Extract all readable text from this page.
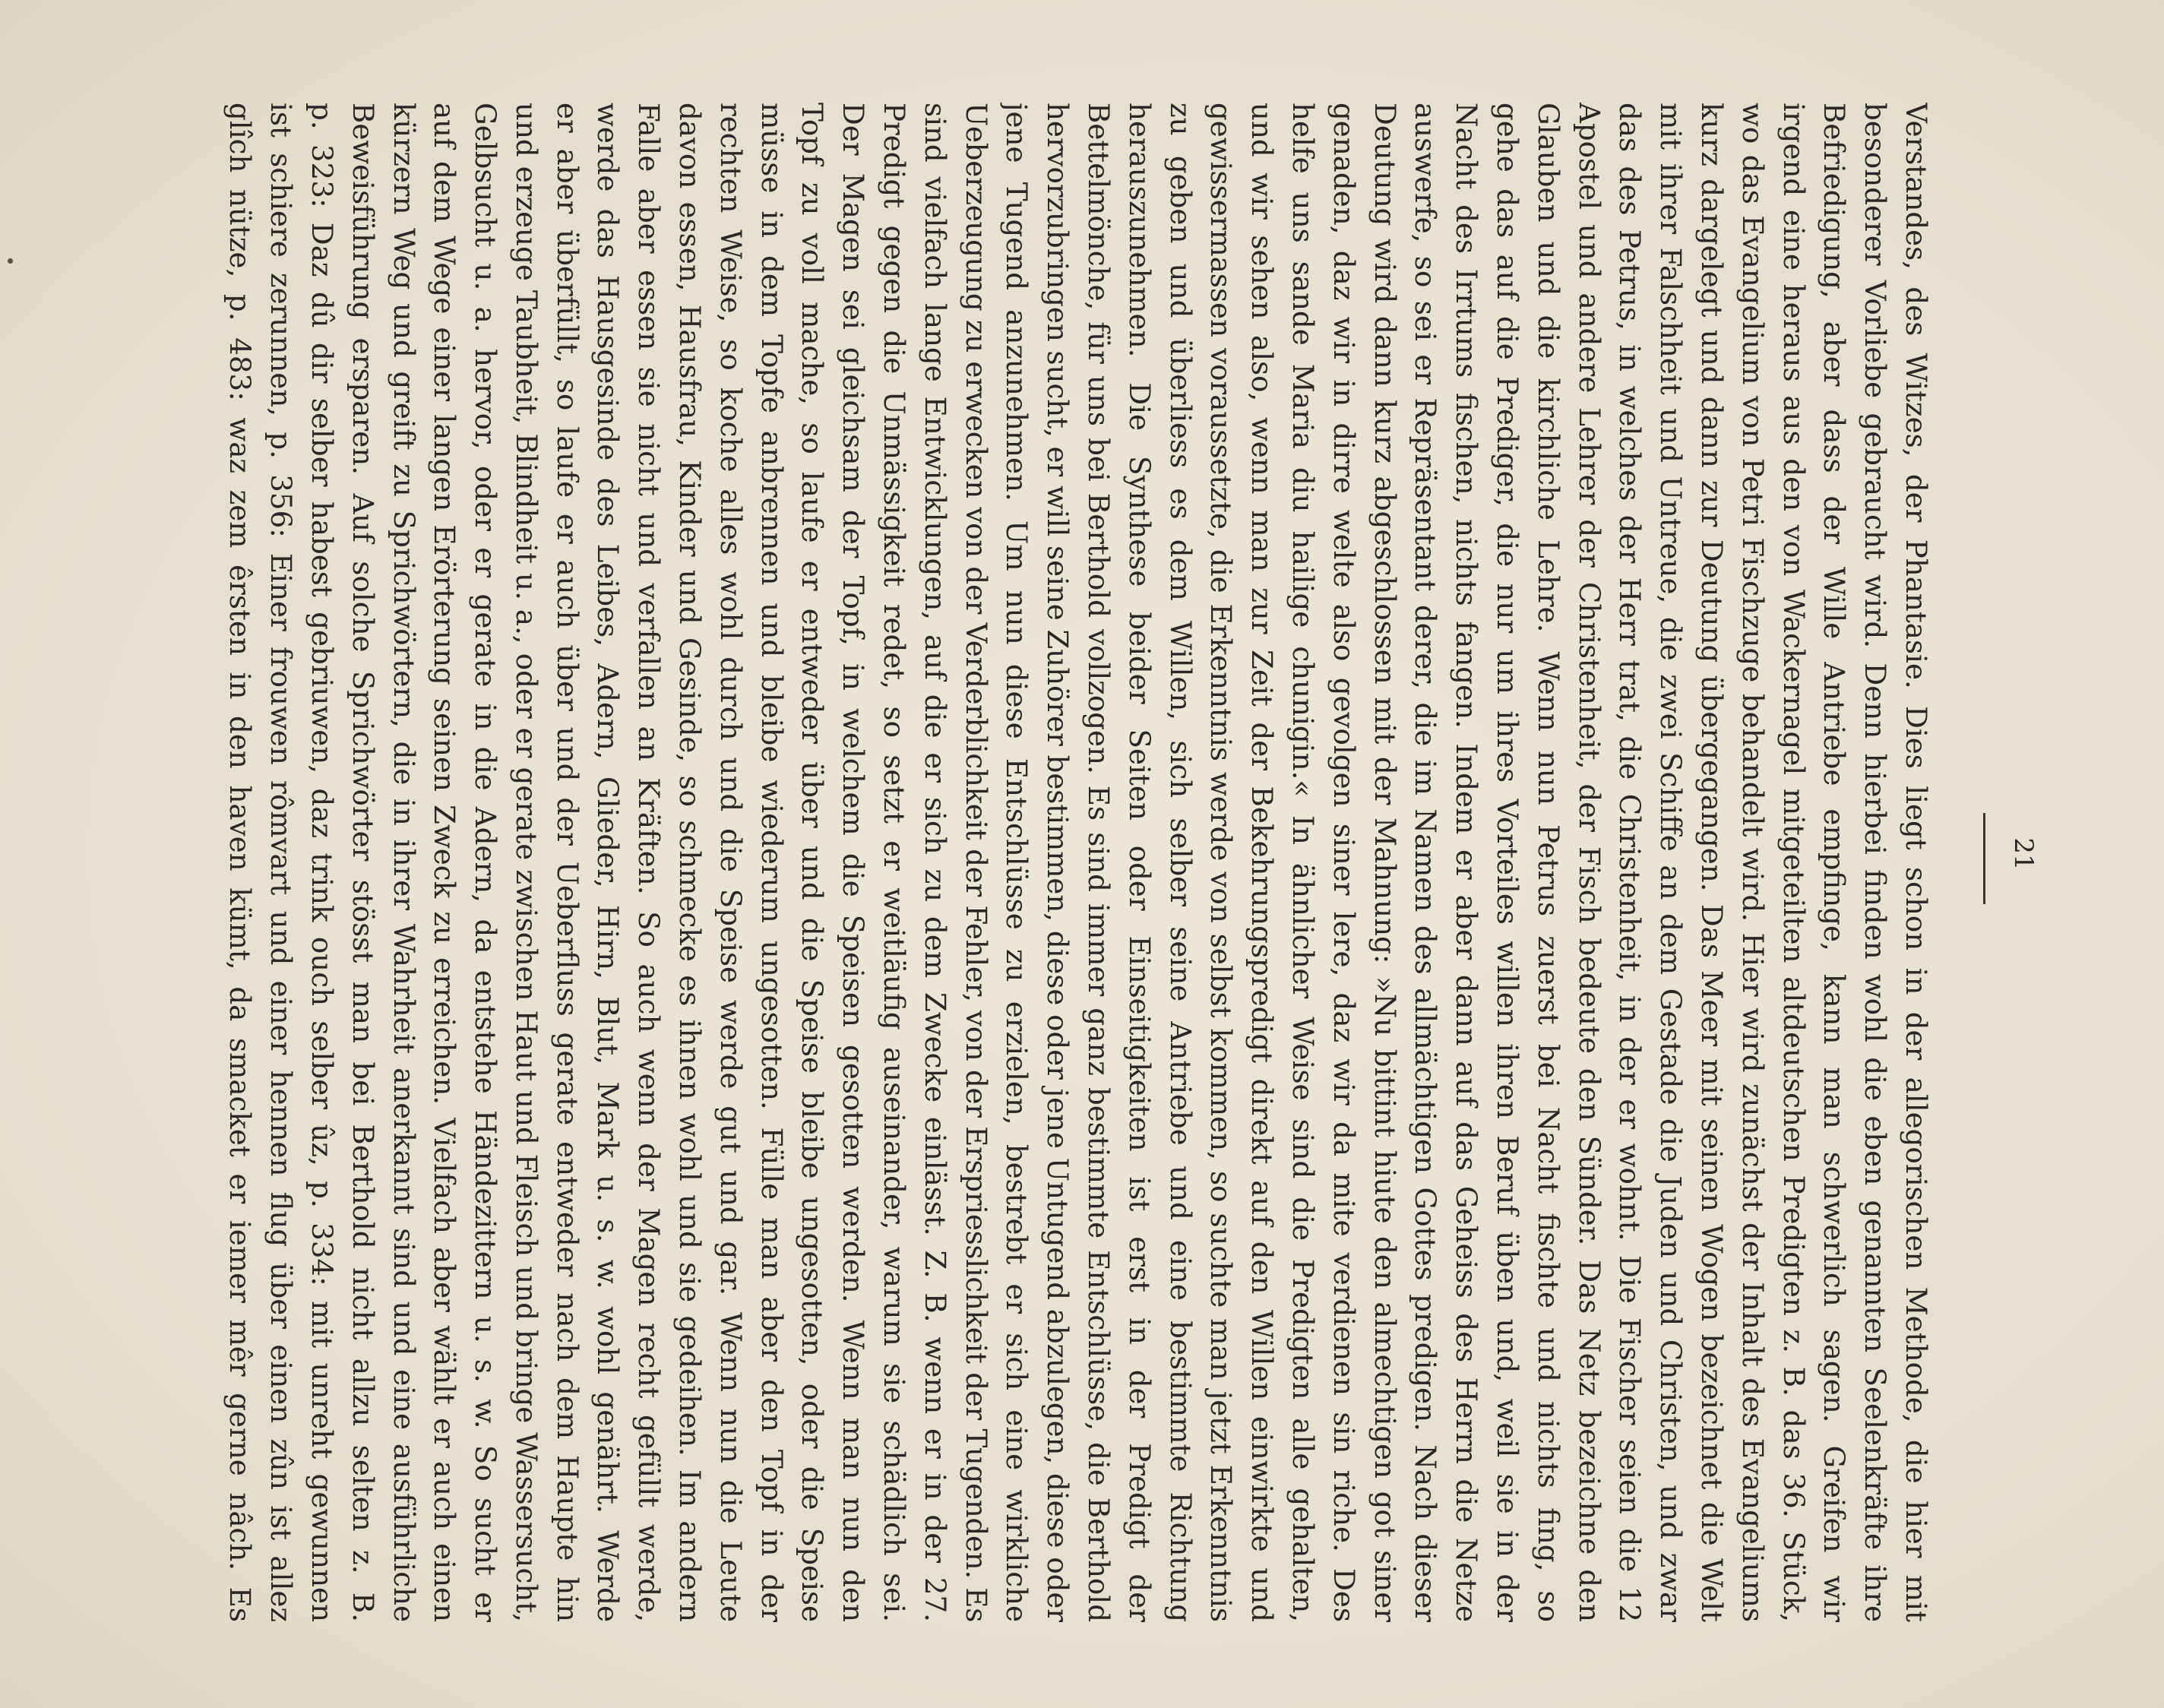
21
Verstandes, des Witzes, der Phantasie. Dies liegt schon in der allegorischen Methode, die hier mit
besonderer Vorliebe gebraucht wird. Denn hierbei finden wohl die eben genannten Seelenkräfte ihre
Befriedigung, aber dass der Wille Antriebe empfinge, kann man schwerlich sagen. Greifen wir
irgend eine heraus aus den von Wackernagel mitgeteilten altdeutschen Predigten z. B. das 36. Stück,
wo das Evangelium von Petri Fischzuge behandelt wird. Hier wird zunächst der Inhalt des Evangeliums
kurz dargelegt und dann zur Deutung übergegangen. Das Meer mit seinen Wogen bezeichnet die Welt
mit ihrer Falschheit und Untreue, die zwei Schiffe an dem Gestade die Juden und Christen, und zwar
das des Petrus, in welches der Herr trat, die Christenheit, in der er wohnt. Die Fischer seien die 12
Apostel und andere Lehrer der Christenheit, der Fisch bedeute den Sünder. Das Netz bezeichne den
Glauben und die kirchliche Lehre. Wenn nun Petrus zuerst bei Nacht fischte und nichts fing, so
gehe das auf die Prediger, die nur um ihres Vorteiles willen ihren Beruf üben und, weil sie in der
Nacht des Irrtums fischen, nichts fangen. Indem er aber dann auf das Geheiss des Herrn die Netze
auswerfe, so sei er Repräsentant derer, die im Namen des allmächtigen Gottes predigen. Nach dieser
Deutung wird dann kurz abgeschlossen mit der Mahnung: »Nu bittint hiute den almechtigen got siner
genaden, daz wir in dirre welte also gevolgen siner lere, daz wir da mite verdienen sin riche. Des
helfe uns sande Maria diu hailige chunigin.« In ähnlicher Weise sind die Predigten alle gehalten,
und wir sehen also, wenn man zur Zeit der Bekehrungspredigt direkt auf den Willen einwirkte und
gewissermassen voraussetzte, die Erkenntnis werde von selbst kommen, so suchte man jetzt Erkenntnis
zu geben und überliess es dem Willen, sich selber seine Antriebe und eine bestimmte Richtung
herauszunehmen. Die Synthese beider Seiten oder Einseitigkeiten ist erst in der Predigt der
Bettelmönche, für uns bei Berthold vollzogen. Es sind immer ganz bestimmte Entschlüsse, die Berthold
hervorzubringen sucht, er will seine Zuhörer bestimmen, diese oder jene Untugend abzulegen, diese oder
jene Tugend anzunehmen. Um nun diese Entschlüsse zu erzielen, bestrebt er sich eine wirkliche
Ueberzeugung zu erwecken von der Verderblichkeit der Fehler, von der Erspriesslichkeit der Tugenden. Es
sind vielfach lange Entwicklungen, auf die er sich zu dem Zwecke einlässt. Z. B. wenn er in der 27.
Predigt gegen die Unmässigkeit redet, so setzt er weitläufig auseinander, warum sie schädlich sei.
Der Magen sei gleichsam der Topf, in welchem die Speisen gesotten werden. Wenn man nun den
Topf zu voll mache, so laufe er entweder über und die Speise bleibe ungesotten, oder die Speise
müsse in dem Topfe anbrennen und bleibe wiederum ungesotten. Fülle man aber den Topf in der
rechten Weise, so koche alles wohl durch und die Speise werde gut und gar. Wenn nun die Leute
davon essen, Hausfrau, Kinder und Gesinde, so schmecke es ihnen wohl und sie gedeihen. Im andern
Falle aber essen sie nicht und verfallen an Kräften. So auch wenn der Magen recht gefüllt werde,
werde das Hausgesinde des Leibes, Adern, Glieder, Hirn, Blut, Mark u. s. w. wohl genährt. Werde
er aber überfüllt, so laufe er auch über und der Ueberfluss gerate entweder nach dem Haupte hin
und erzeuge Taubheit, Blindheit u. a., oder er gerate zwischen Haut und Fleisch und bringe Wassersucht,
Gelbsucht u. a. hervor, oder er gerate in die Adern, da entstehe Händezittern u. s. w. So sucht er
auf dem Wege einer langen Erörterung seinen Zweck zu erreichen. Vielfach aber wählt er auch einen
kürzern Weg und greift zu Sprichwörtern, die in ihrer Wahrheit anerkannt sind und eine ausführliche
Beweisführung ersparen. Auf solche Sprichwörter stösst man bei Berthold nicht allzu selten z. B.
p. 323: Daz dû dir selber habest gebriuwen, daz trink ouch selber ûz, p. 334: mit unreht gewunnen
ist schiere zerunnen, p. 356: Einer frouwen rômvart und einer hennen flug über einen zûn ist allez
glîch nütze, p. 483: waz zem êrsten in den haven kümt, da smacket er iemer mêr gerne nâch. Es
